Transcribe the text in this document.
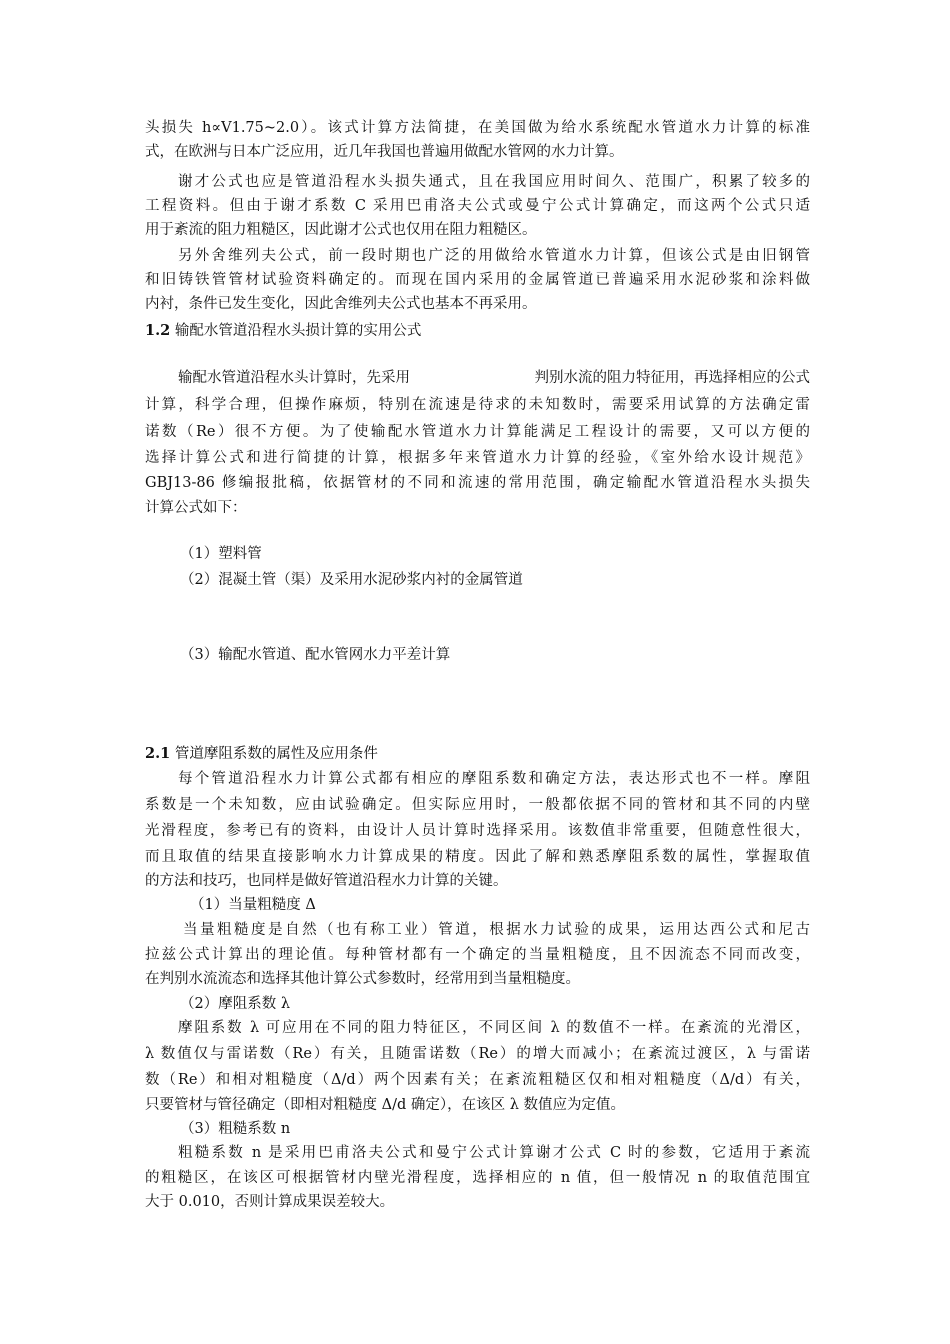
头损失 h∝V1.75~2.0）。该式计算方法简捷，在美国做为给水系统配水管道水力计算的标准
式，在欧洲与日本广泛应用，近几年我国也普遍用做配水管网的水力计算。
谢才公式也应是管道沿程水头损失通式，且在我国应用时间久、范围广，积累了较多的
工程资料。但由于谢才系数 C 采用巴甫洛夫公式或曼宁公式计算确定，而这两个公式只适
用于紊流的阻力粗糙区，因此谢才公式也仅用在阻力粗糙区。
另外舍维列夫公式，前一段时期也广泛的用做给水管道水力计算，但该公式是由旧钢管
和旧铸铁管管材试验资料确定的。而现在国内采用的金属管道已普遍采用水泥砂浆和涂料做
内衬，条件已发生变化，因此舍维列夫公式也基本不再采用。
1.2 输配水管道沿程水头损计算的实用公式
输配水管道沿程水头计算时，先采用	判别水流的阻力特征用，再选择相应的公式
计算，科学合理，但操作麻烦，特别在流速是待求的未知数时，需要采用试算的方法确定雷
诺数（Re）很不方便。为了使输配水管道水力计算能满足工程设计的需要，又可以方便的
选择计算公式和进行简捷的计算，根据多年来管道水力计算的经验，《室外给水设计规范》
GBJ13-86 修编报批稿，依据管材的不同和流速的常用范围，确定输配水管道沿程水头损失
计算公式如下：
（1）塑料管
（2）混凝土管（渠）及采用水泥砂浆内衬的金属管道
（3）输配水管道、配水管网水力平差计算
2.1 管道摩阻系数的属性及应用条件
每个管道沿程水力计算公式都有相应的摩阻系数和确定方法，表达形式也不一样。摩阻
系数是一个未知数，应由试验确定。但实际应用时，一般都依据不同的管材和其不同的内壁
光滑程度，参考已有的资料，由设计人员计算时选择采用。该数值非常重要，但随意性很大，
而且取值的结果直接影响水力计算成果的精度。因此了解和熟悉摩阻系数的属性，掌握取值
的方法和技巧，也同样是做好管道沿程水力计算的关键。
（1）当量粗糙度 Δ
当量粗糙度是自然（也有称工业）管道，根据水力试验的成果，运用达西公式和尼古
拉兹公式计算出的理论值。每种管材都有一个确定的当量粗糙度，且不因流态不同而改变，
在判别水流流态和选择其他计算公式参数时，经常用到当量粗糙度。
（2）摩阻系数 λ
摩阻系数 λ 可应用在不同的阻力特征区，不同区间 λ 的数值不一样。在紊流的光滑区，
λ 数值仅与雷诺数（Re）有关，且随雷诺数（Re）的增大而减小；在紊流过渡区，λ 与雷诺
数（Re）和相对粗糙度（Δ/d）两个因素有关；在紊流粗糙区仅和相对粗糙度（Δ/d）有关，
只要管材与管径确定（即相对粗糙度 Δ/d 确定），在该区 λ 数值应为定值。
（3）粗糙系数 n
粗糙系数 n 是采用巴甫洛夫公式和曼宁公式计算谢才公式 C 时的参数，它适用于紊流
的粗糙区，在该区可根据管材内壁光滑程度，选择相应的 n 值，但一般情况 n 的取值范围宜
大于 0.010，否则计算成果误差较大。
